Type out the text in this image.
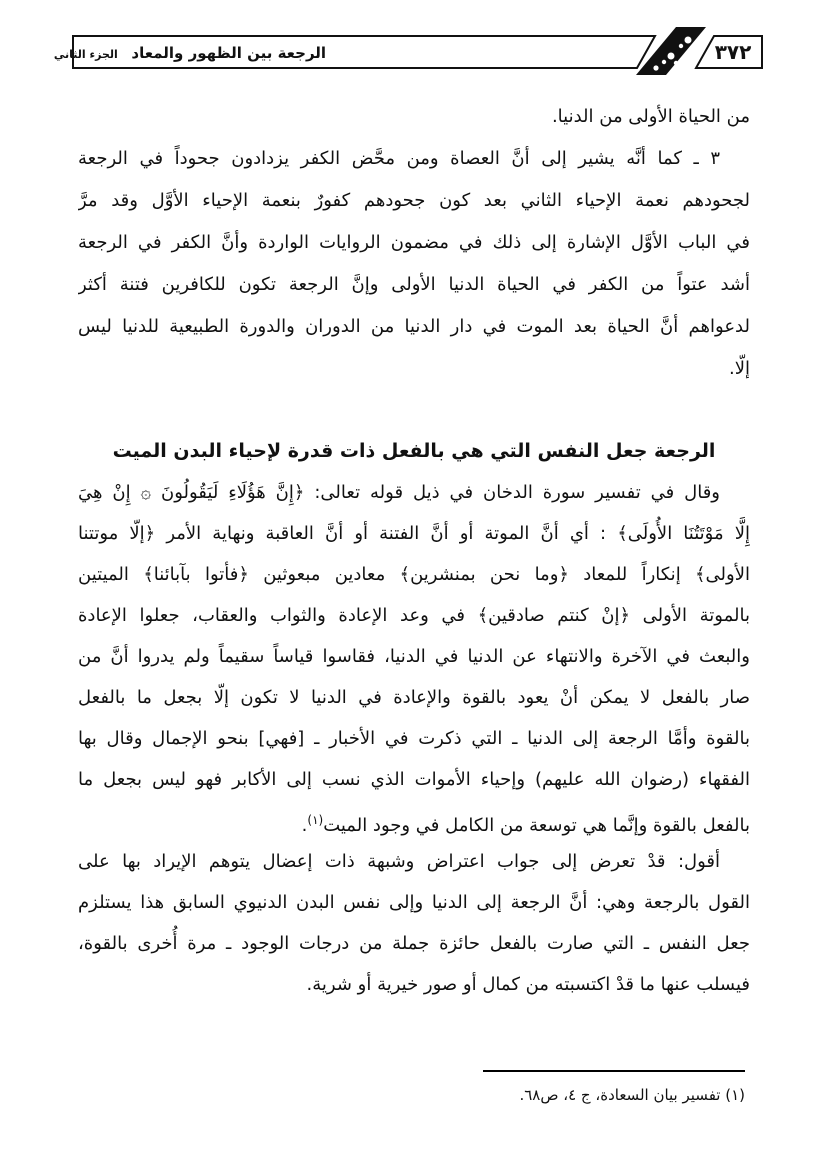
الرجعة بين الظهور والمعاد الجزء الثاني	٣٧٢
من الحياة الأولى من الدنيا.
٣ ـ كما أنَّه يشير إلى أنَّ العصاة ومن محَّض الكفر يزدادون جحوداً في الرجعة
لجحودهم نعمة الإحياء الثاني بعد كون جحودهم كفورٌ بنعمة الإحياء الأوَّل وقد مرَّ
في الباب الأوَّل الإشارة إلى ذلك في مضمون الروايات الواردة وأنَّ الكفر في الرجعة
أشد عتواً من الكفر في الحياة الدنيا الأولى وإنَّ الرجعة تكون للكافرين فتنة أكثر
لدعواهم أنَّ الحياة بعد الموت في دار الدنيا من الدوران والدورة الطبيعية للدنيا ليس
إلّا.
الرجعة جعل النفس التي هي بالفعل ذات قدرة لإحياء البدن الميت
وقال في تفسير سورة الدخان في ذيل قوله تعالى: ﴿إِنَّ هَؤُلَاءِ لَيَقُولُونَ ۞ إِنْ هِيَ
إِلَّا مَوْتَتُنَا الأُولَى﴾ : أي أنَّ الموتة أو أنَّ الفتنة أو أنَّ العاقبة ونهاية الأمر ﴿إلّا موتتنا
الأولى﴾ إنكاراً للمعاد ﴿وما نحن بمنشرين﴾ معادين مبعوثين ﴿فأتوا بآبائنا﴾ الميتين
بالموتة الأولى ﴿إنْ كنتم صادقين﴾ في وعد الإعادة والثواب والعقاب، جعلوا الإعادة
والبعث في الآخرة والانتهاء عن الدنيا في الدنيا، فقاسوا قياساً سقيماً ولم يدروا أنَّ من
صار بالفعل لا يمكن أنْ يعود بالقوة والإعادة في الدنيا لا تكون إلّا بجعل ما بالفعل
بالقوة وأمَّا الرجعة إلى الدنيا ـ التي ذكرت في الأخبار ـ [فهي] بنحو الإجمال وقال بها
الفقهاء (رضوان الله عليهم) وإحياء الأموات الذي نسب إلى الأكابر فهو ليس بجعل ما
بالفعل بالقوة وإنَّما هي توسعة من الكامل في وجود الميت$^{(١)}$.
أقول: قدْ تعرض إلى جواب اعتراض وشبهة ذات إعضال يتوهم الإيراد بها على
القول بالرجعة وهي: أنَّ الرجعة إلى الدنيا وإلى نفس البدن الدنيوي السابق هذا يستلزم
جعل النفس ـ التي صارت بالفعل حائزة جملة من درجات الوجود ـ مرة أُخرى بالقوة،
فيسلب عنها ما قدْ اكتسبته من كمال أو صور خيرية أو شرية.
(١) تفسير بيان السعادة، ج ٤، ص٦٨.
